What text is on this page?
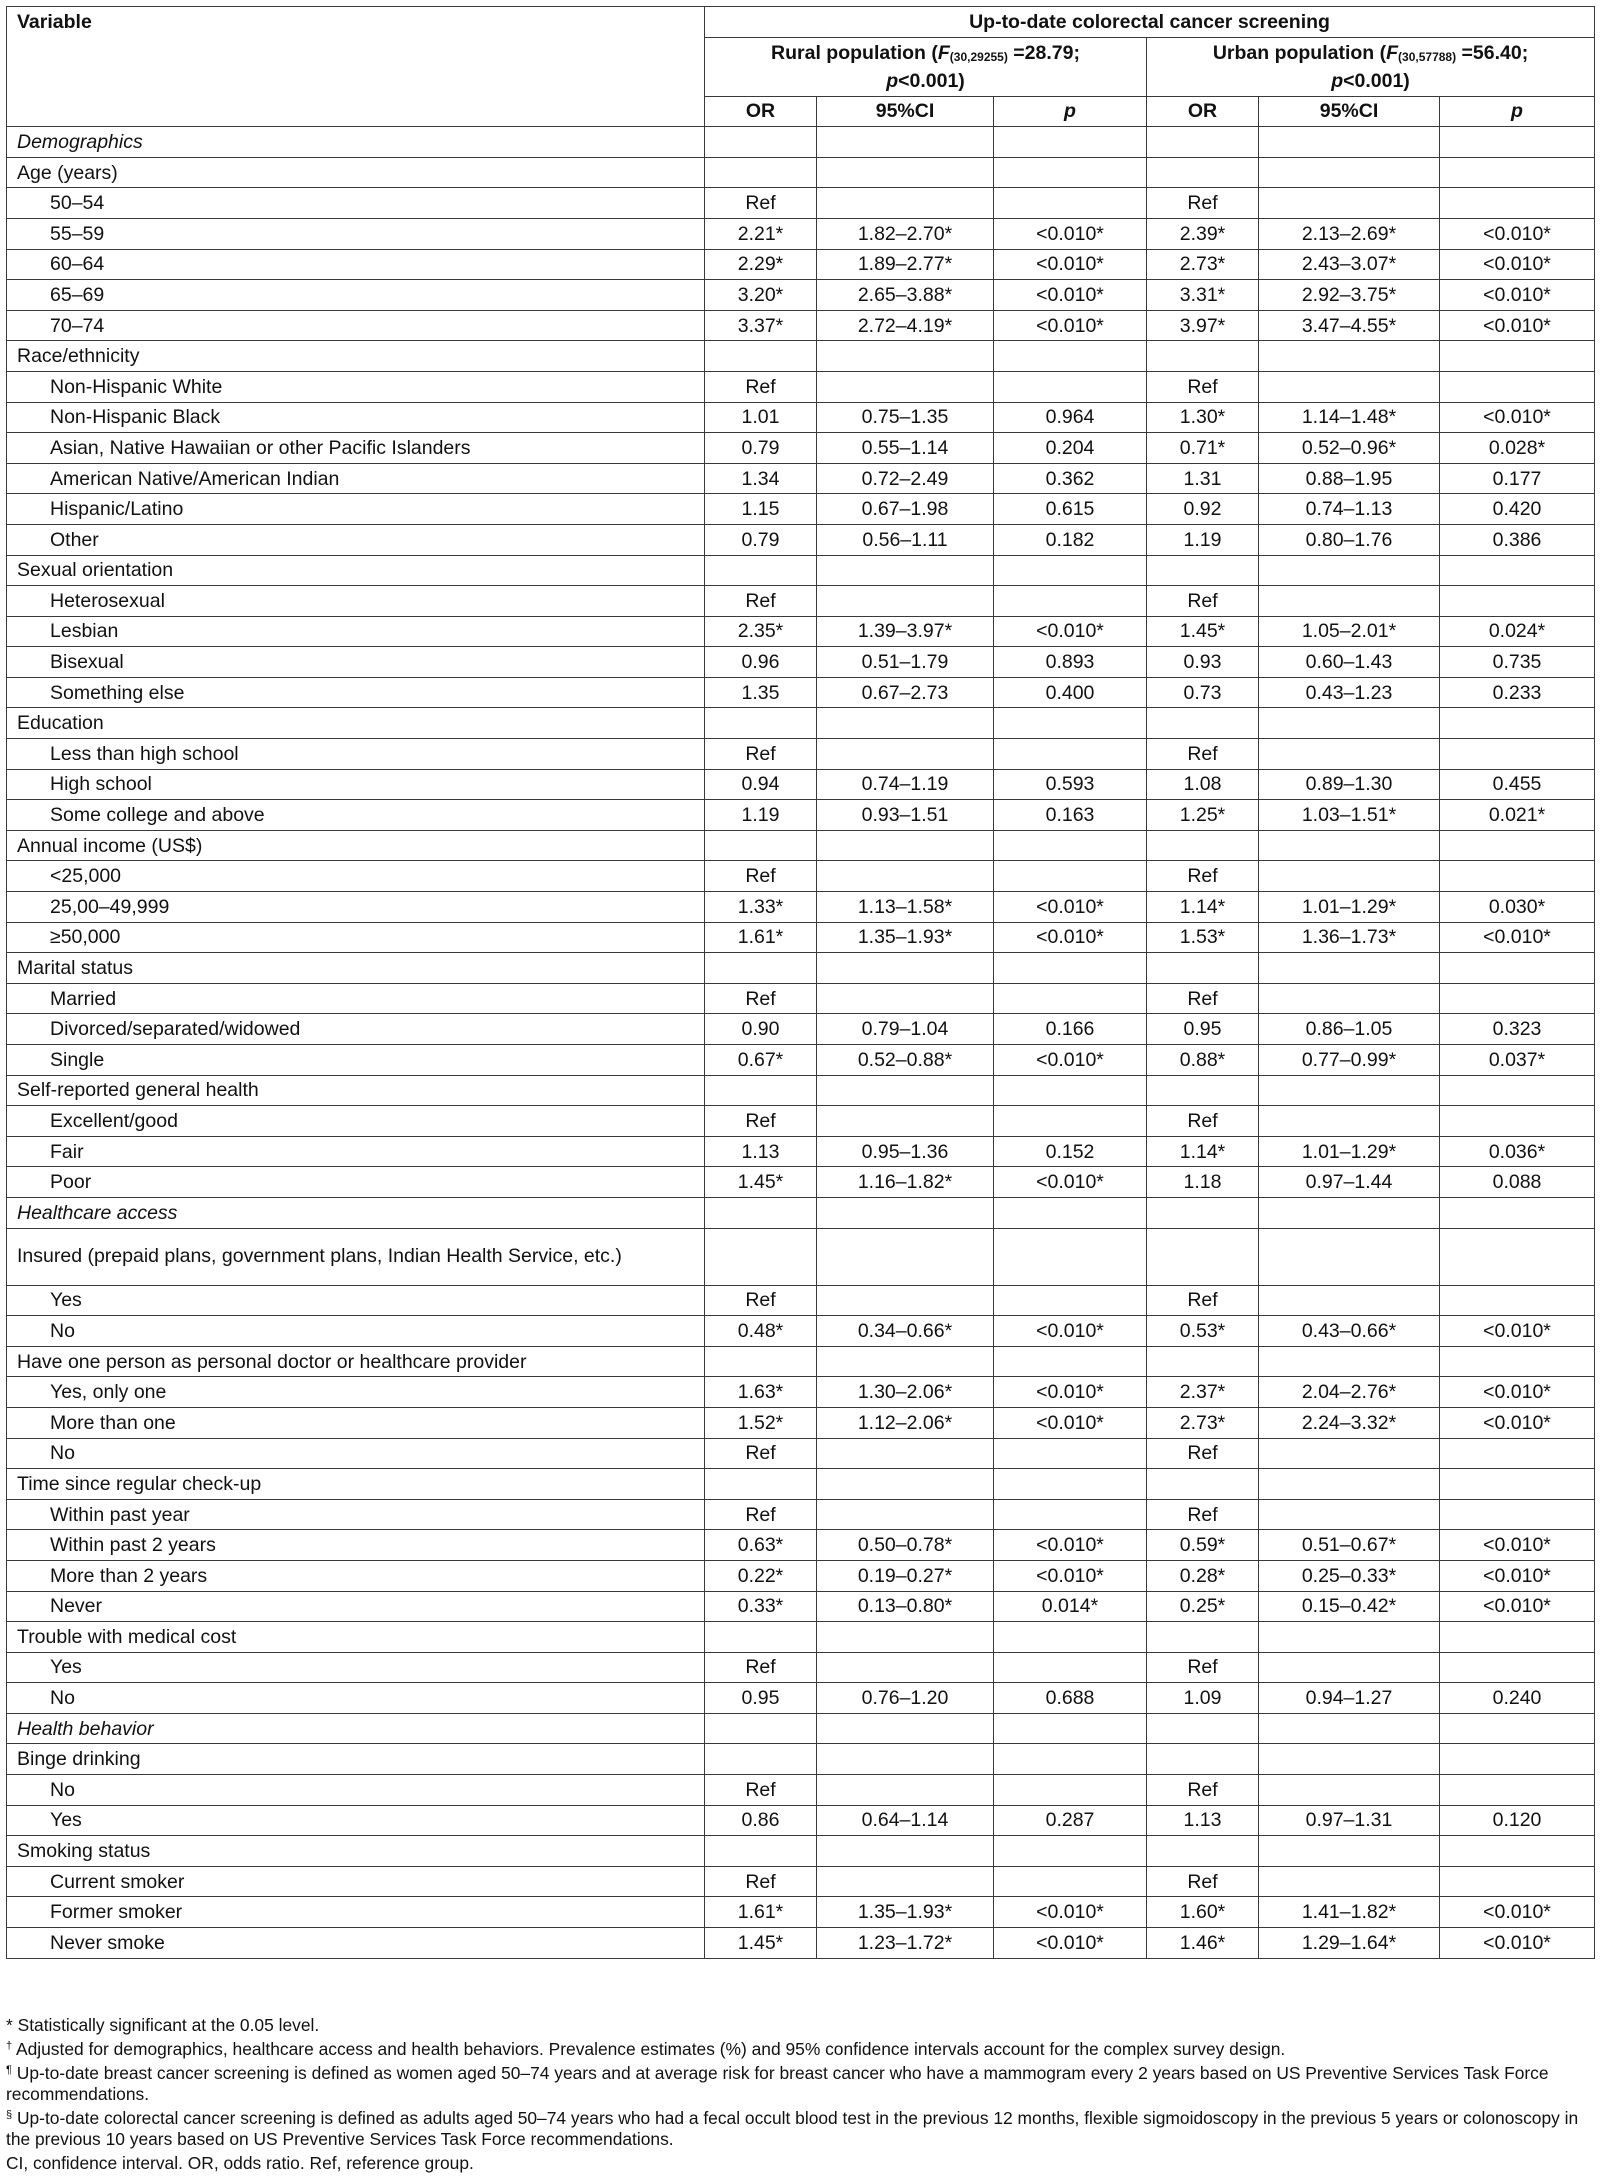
Variable	Up-to-date colorectal cancer screening					
	Rural population ($F_{(30,29255)} =28.79$;
p<0.001)			Urban population ($F_{(30,57788)} =56.40$;
p<0.001)		
	OR	95%CI	p	OR	95%CI	p
Demographics						
Age (years)						
50–54	Ref			Ref		
55–59	2.21*	1.82–2.70*	<0.010*	2.39*	2.13–2.69*	<0.010*
60–64	2.29*	1.89–2.77*	<0.010*	2.73*	2.43–3.07*	<0.010*
65–69	3.20*	2.65–3.88*	<0.010*	3.31*	2.92–3.75*	<0.010*
70–74	3.37*	2.72–4.19*	<0.010*	3.97*	3.47–4.55*	<0.010*
Race/ethnicity						
Non-Hispanic White	Ref			Ref		
Non-Hispanic Black	1.01	0.75–1.35	0.964	1.30*	1.14–1.48*	<0.010*
Asian, Native Hawaiian or other Pacific Islanders	0.79	0.55–1.14	0.204	0.71*	0.52–0.96*	0.028*
American Native/American Indian	1.34	0.72–2.49	0.362	1.31	0.88–1.95	0.177
Hispanic/Latino	1.15	0.67–1.98	0.615	0.92	0.74–1.13	0.420
Other	0.79	0.56–1.11	0.182	1.19	0.80–1.76	0.386
Sexual orientation						
Heterosexual	Ref			Ref		
Lesbian	2.35*	1.39–3.97*	<0.010*	1.45*	1.05–2.01*	0.024*
Bisexual	0.96	0.51–1.79	0.893	0.93	0.60–1.43	0.735
Something else	1.35	0.67–2.73	0.400	0.73	0.43–1.23	0.233
Education						
Less than high school	Ref			Ref		
High school	0.94	0.74–1.19	0.593	1.08	0.89–1.30	0.455
Some college and above	1.19	0.93–1.51	0.163	1.25*	1.03–1.51*	0.021*
Annual income (US$)						
<25,000	Ref			Ref		
25,00–49,999	1.33*	1.13–1.58*	<0.010*	1.14*	1.01–1.29*	0.030*
≥50,000	1.61*	1.35–1.93*	<0.010*	1.53*	1.36–1.73*	<0.010*
Marital status						
Married	Ref			Ref		
Divorced/separated/widowed	0.90	0.79–1.04	0.166	0.95	0.86–1.05	0.323
Single	0.67*	0.52–0.88*	<0.010*	0.88*	0.77–0.99*	0.037*
Self-reported general health						
Excellent/good	Ref			Ref		
Fair	1.13	0.95–1.36	0.152	1.14*	1.01–1.29*	0.036*
Poor	1.45*	1.16–1.82*	<0.010*	1.18	0.97–1.44	0.088
Healthcare access						
Insured (prepaid plans, government plans, Indian Health Service, etc.)						
Yes	Ref			Ref		
No	0.48*	0.34–0.66*	<0.010*	0.53*	0.43–0.66*	<0.010*
Have one person as personal doctor or healthcare provider						
Yes, only one	1.63*	1.30–2.06*	<0.010*	2.37*	2.04–2.76*	<0.010*
More than one	1.52*	1.12–2.06*	<0.010*	2.73*	2.24–3.32*	<0.010*
No	Ref			Ref		
Time since regular check-up						
Within past year	Ref			Ref		
Within past 2 years	0.63*	0.50–0.78*	<0.010*	0.59*	0.51–0.67*	<0.010*
More than 2 years	0.22*	0.19–0.27*	<0.010*	0.28*	0.25–0.33*	<0.010*
Never	0.33*	0.13–0.80*	0.014*	0.25*	0.15–0.42*	<0.010*
Trouble with medical cost						
Yes	Ref			Ref		
No	0.95	0.76–1.20	0.688	1.09	0.94–1.27	0.240
Health behavior						
Binge drinking						
No	Ref			Ref		
Yes	0.86	0.64–1.14	0.287	1.13	0.97–1.31	0.120
Smoking status						
Current smoker	Ref			Ref		
Former smoker	1.61*	1.35–1.93*	<0.010*	1.60*	1.41–1.82*	<0.010*
Never smoke	1.45*	1.23–1.72*	<0.010*	1.46*	1.29–1.64*	<0.010*
* Statistically significant at the 0.05 level.
† Adjusted for demographics, healthcare access and health behaviors. Prevalence estimates (%) and 95% confidence intervals account for the complex survey design.
¶ Up-to-date breast cancer screening is defined as women aged 50–74 years and at average risk for breast cancer who have a mammogram every 2 years based on US Preventive Services Task Force recommendations.
§ Up-to-date colorectal cancer screening is defined as adults aged 50–74 years who had a fecal occult blood test in the previous 12 months, flexible sigmoidoscopy in the previous 5 years or colonoscopy in the previous 10 years based on US Preventive Services Task Force recommendations.
CI, confidence interval. OR, odds ratio. Ref, reference group.
